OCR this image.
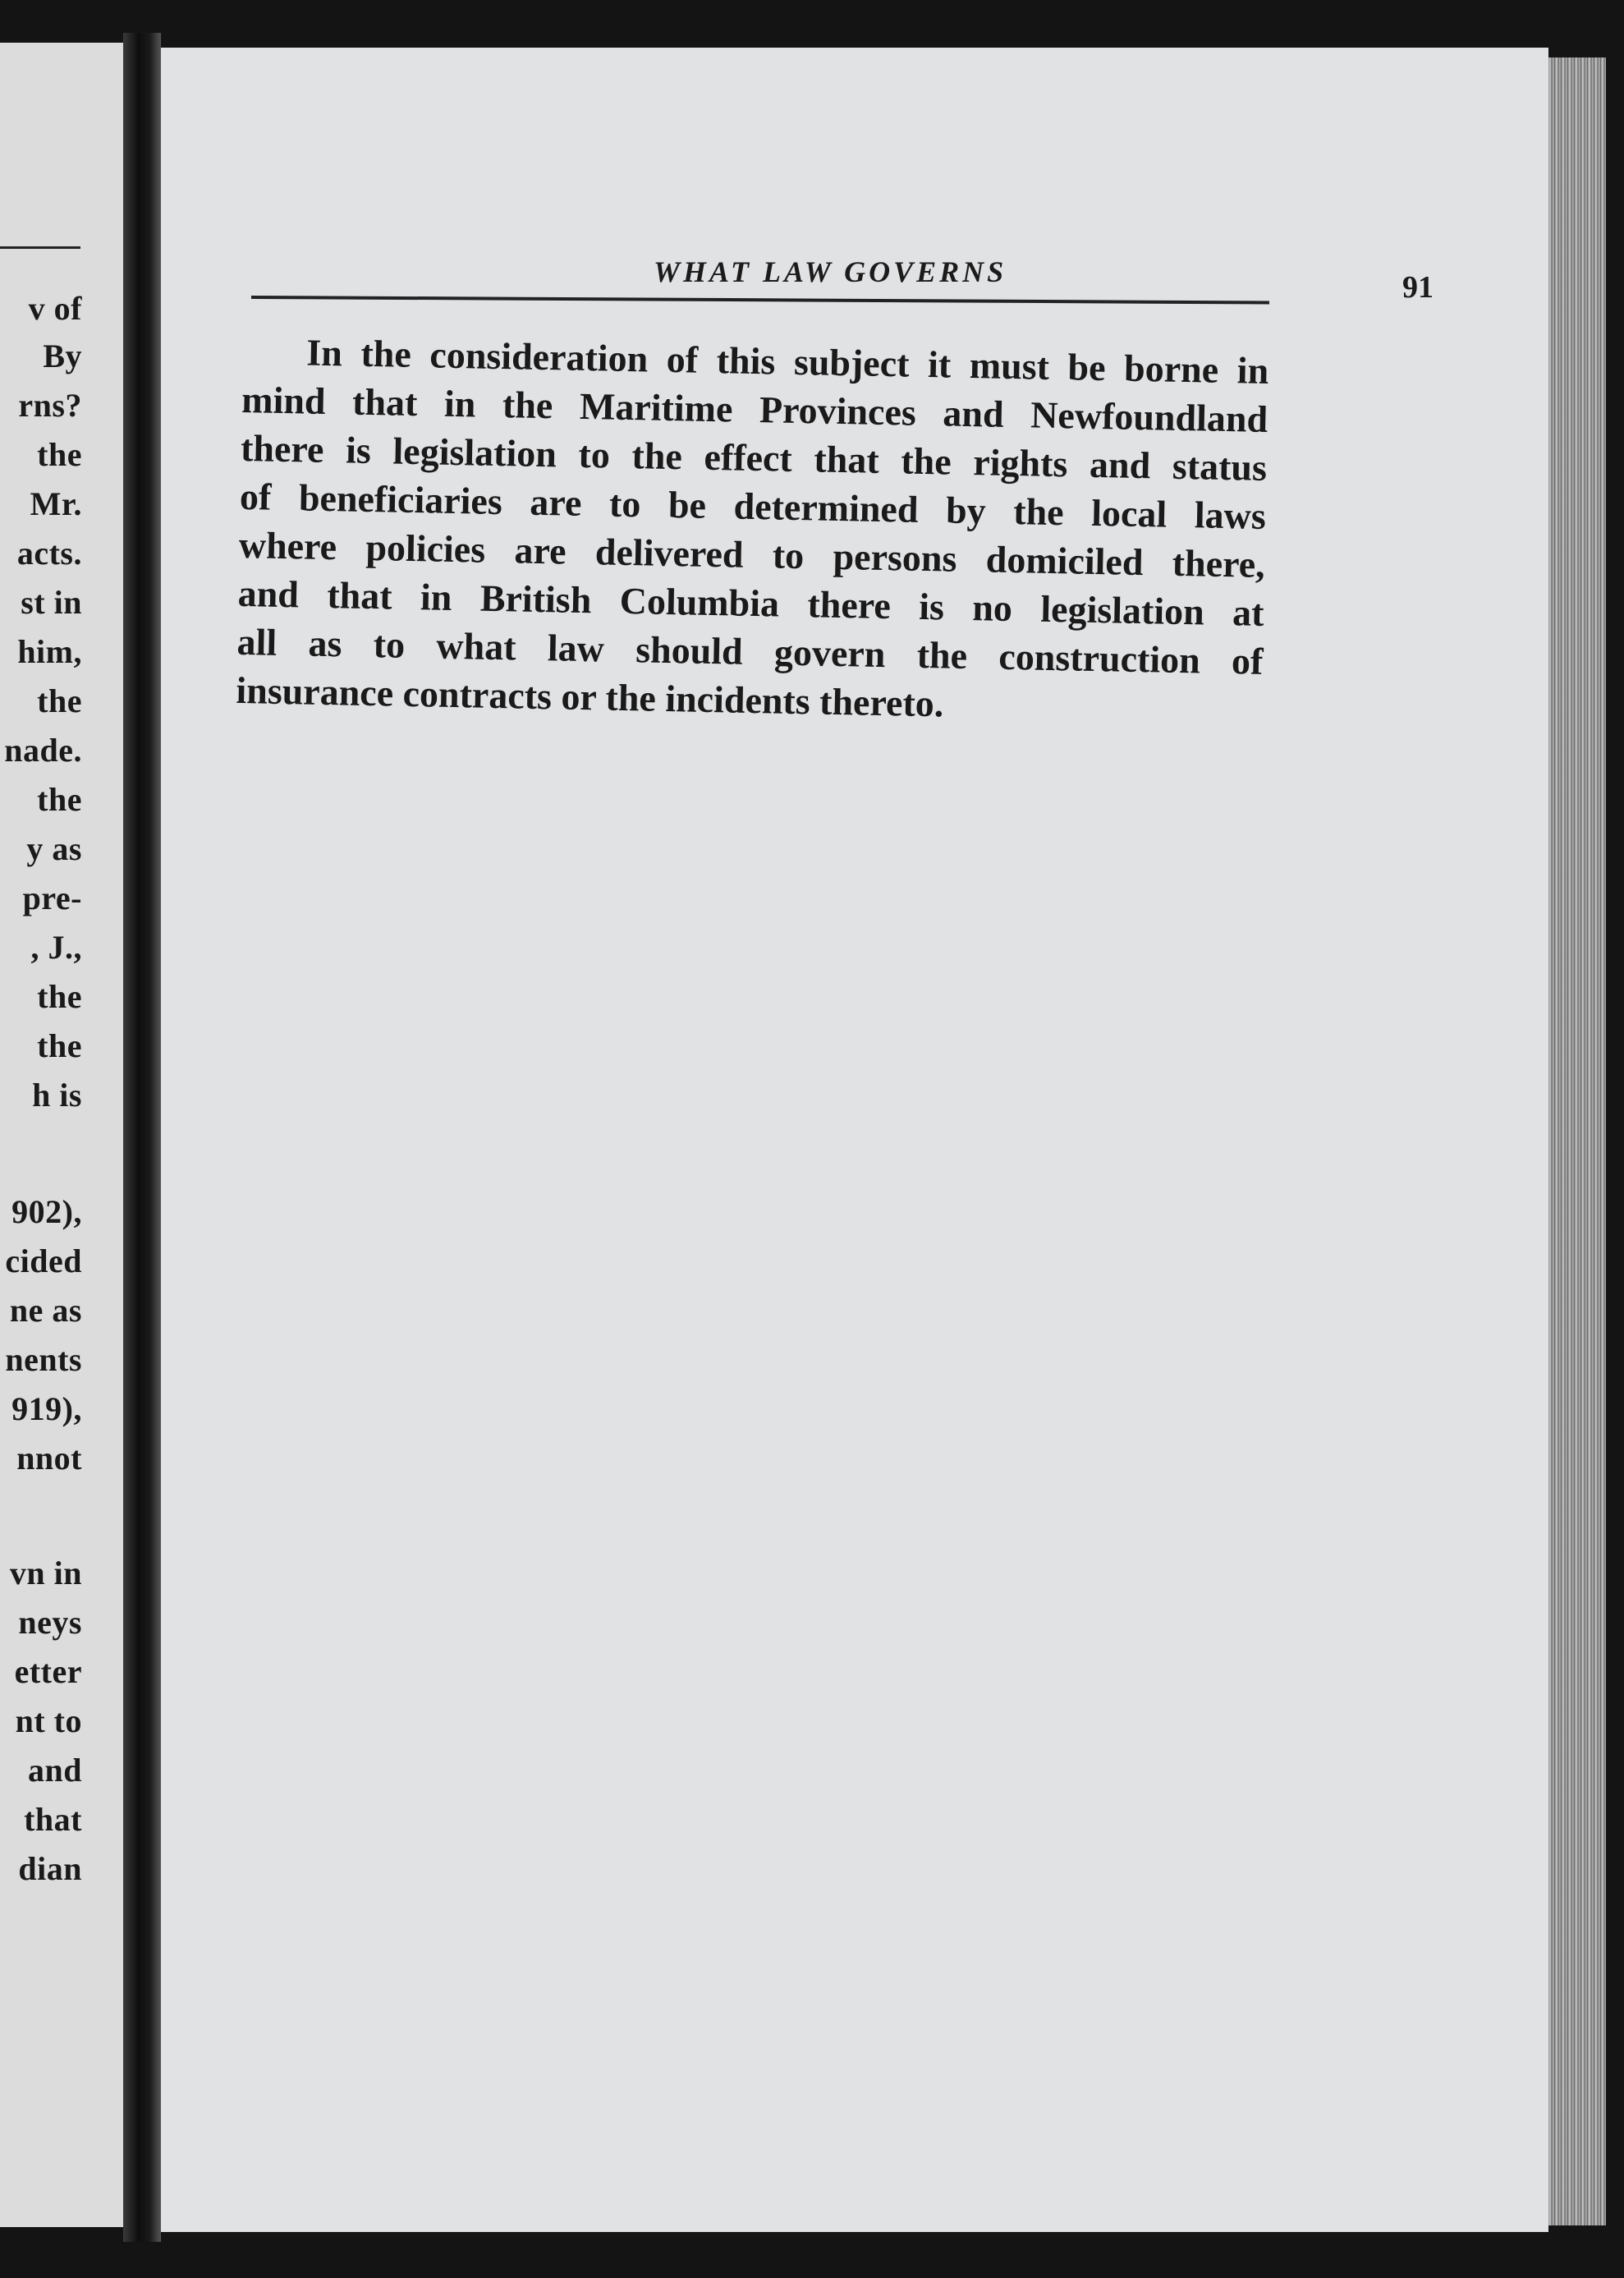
v of
By
rns?
the
Mr.
acts.
st in
him,
the
nade.
the
y as
pre-
, J.,
the
the
h is
902),
cided
ne as
nents
919),
nnot
vn in
neys
etter
nt to
and
that
dian
WHAT LAW GOVERNS	91
In the consideration of this subject it must be borne in
mind that in the Maritime Provinces and Newfoundland
there is legislation to the effect that the rights and status
of beneficiaries are to be determined by the local laws
where policies are delivered to persons domiciled there,
and that in British Columbia there is no legislation at
all as to what law should govern the construction of
insurance contracts or the incidents thereto.
